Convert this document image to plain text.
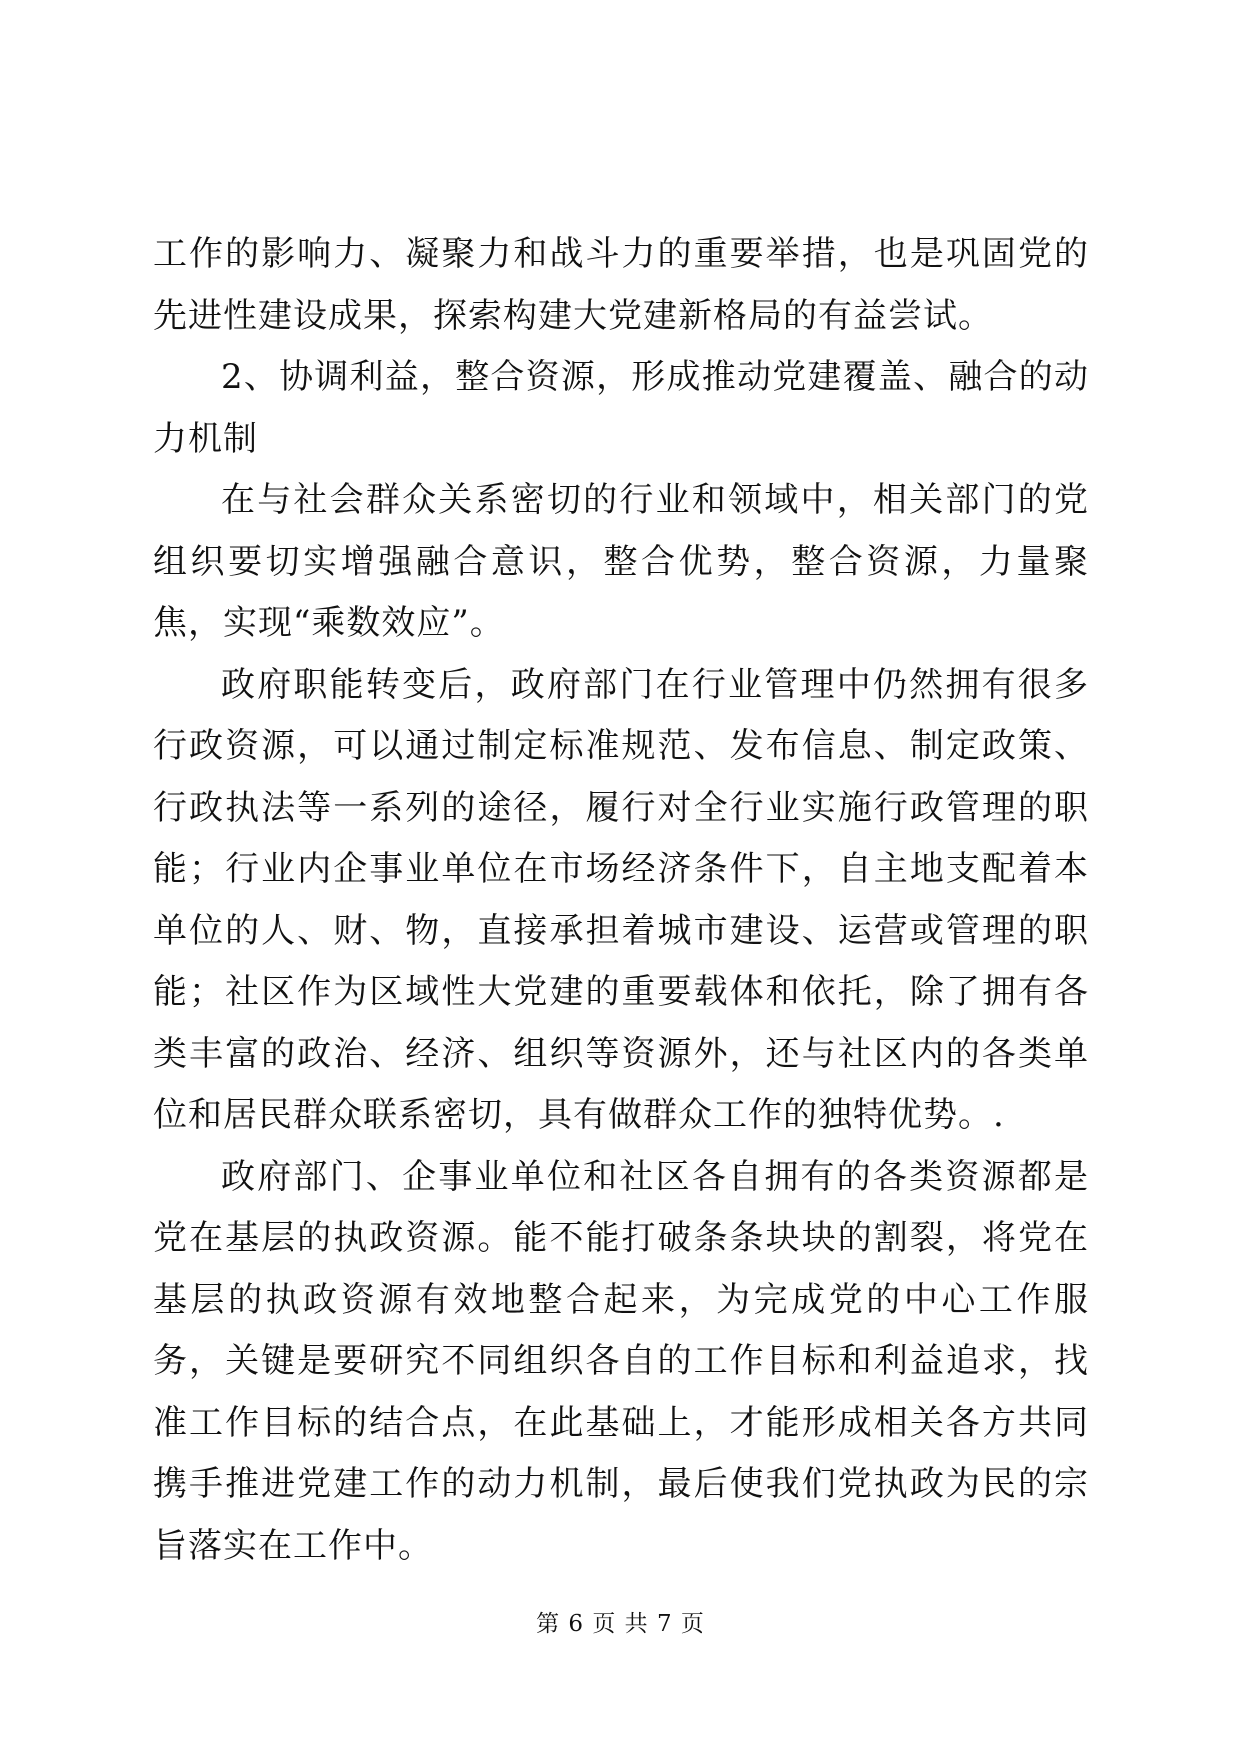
工作的影响力、凝聚力和战斗力的重要举措，也是巩固党的先进性建设成果，探索构建大党建新格局的有益尝试。

2、协调利益，整合资源，形成推动党建覆盖、融合的动力机制

在与社会群众关系密切的行业和领域中，相关部门的党组织要切实增强融合意识，整合优势，整合资源，力量聚焦，实现“乘数效应”。

政府职能转变后，政府部门在行业管理中仍然拥有很多行政资源，可以通过制定标准规范、发布信息、制定政策、行政执法等一系列的途径，履行对全行业实施行政管理的职能；行业内企事业单位在市场经济条件下，自主地支配着本单位的人、财、物，直接承担着城市建设、运营或管理的职能；社区作为区域性大党建的重要载体和依托，除了拥有各类丰富的政治、经济、组织等资源外，还与社区内的各类单位和居民群众联系密切，具有做群众工作的独特优势。.

政府部门、企事业单位和社区各自拥有的各类资源都是党在基层的执政资源。能不能打破条条块块的割裂，将党在基层的执政资源有效地整合起来，为完成党的中心工作服务，关键是要研究不同组织各自的工作目标和利益追求，找准工作目标的结合点，在此基础上，才能形成相关各方共同携手推进党建工作的动力机制，最后使我们党执政为民的宗旨落实在工作中。

第 6 页 共 7 页
